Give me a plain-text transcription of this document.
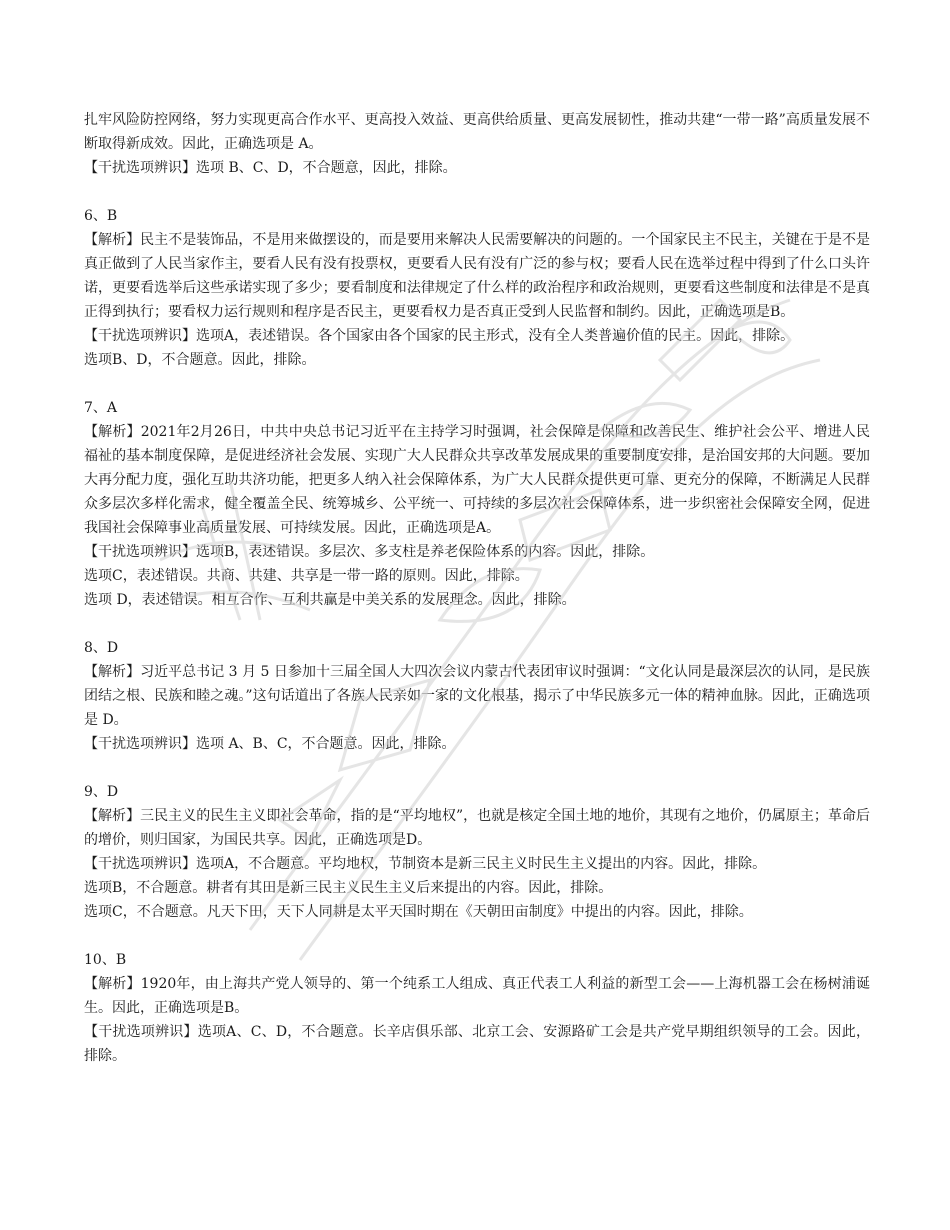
扎牢风险防控网络，努力实现更高合作水平、更高投入效益、更高供给质量、更高发展韧性，推动共建“一带一路”高质量发展不断取得新成效。因此，正确选项是 A。

【干扰选项辨识】选项 B、C、D，不合题意，因此，排除。

6、B

【解析】民主不是装饰品，不是用来做摆设的，而是要用来解决人民需要解决的问题的。一个国家民主不民主，关键在于是不是真正做到了人民当家作主，要看人民有没有投票权，更要看人民有没有广泛的参与权；要看人民在选举过程中得到了什么口头许诺，更要看选举后这些承诺实现了多少；要看制度和法律规定了什么样的政治程序和政治规则，更要看这些制度和法律是不是真正得到执行；要看权力运行规则和程序是否民主，更要看权力是否真正受到人民监督和制约。因此，正确选项是B。

【干扰选项辨识】选项A，表述错误。各个国家由各个国家的民主形式，没有全人类普遍价值的民主。因此，排除。

选项B、D，不合题意。因此，排除。

7、A

【解析】2021年2月26日，中共中央总书记习近平在主持学习时强调，社会保障是保障和改善民生、维护社会公平、增进人民福祉的基本制度保障，是促进经济社会发展、实现广大人民群众共享改革发展成果的重要制度安排，是治国安邦的大问题。要加大再分配力度，强化互助共济功能，把更多人纳入社会保障体系，为广大人民群众提供更可靠、更充分的保障，不断满足人民群众多层次多样化需求，健全覆盖全民、统筹城乡、公平统一、可持续的多层次社会保障体系，进一步织密社会保障安全网，促进我国社会保障事业高质量发展、可持续发展。因此，正确选项是A。

【干扰选项辨识】选项B，表述错误。多层次、多支柱是养老保险体系的内容。因此，排除。

选项C，表述错误。共商、共建、共享是一带一路的原则。因此，排除。

选项 D，表述错误。相互合作、互利共赢是中美关系的发展理念。因此，排除。

8、D

【解析】习近平总书记 3 月 5 日参加十三届全国人大四次会议内蒙古代表团审议时强调：“文化认同是最深层次的认同，是民族团结之根、民族和睦之魂。”这句话道出了各族人民亲如一家的文化根基，揭示了中华民族多元一体的精神血脉。因此，正确选项是 D。

【干扰选项辨识】选项 A、B、C，不合题意。因此，排除。

9、D

【解析】三民主义的民生主义即社会革命，指的是“平均地权”，也就是核定全国土地的地价，其现有之地价，仍属原主；革命后的增价，则归国家，为国民共享。因此，正确选项是D。

【干扰选项辨识】选项A，不合题意。平均地权，节制资本是新三民主义时民生主义提出的内容。因此，排除。

选项B，不合题意。耕者有其田是新三民主义民生主义后来提出的内容。因此，排除。

选项C，不合题意。凡天下田，天下人同耕是太平天国时期在《天朝田亩制度》中提出的内容。因此，排除。

10、B

【解析】1920年，由上海共产党人领导的、第一个纯系工人组成、真正代表工人利益的新型工会——上海机器工会在杨树浦诞生。因此，正确选项是B。

【干扰选项辨识】选项A、C、D，不合题意。长辛店俱乐部、北京工会、安源路矿工会是共产党早期组织领导的工会。因此，排除。
